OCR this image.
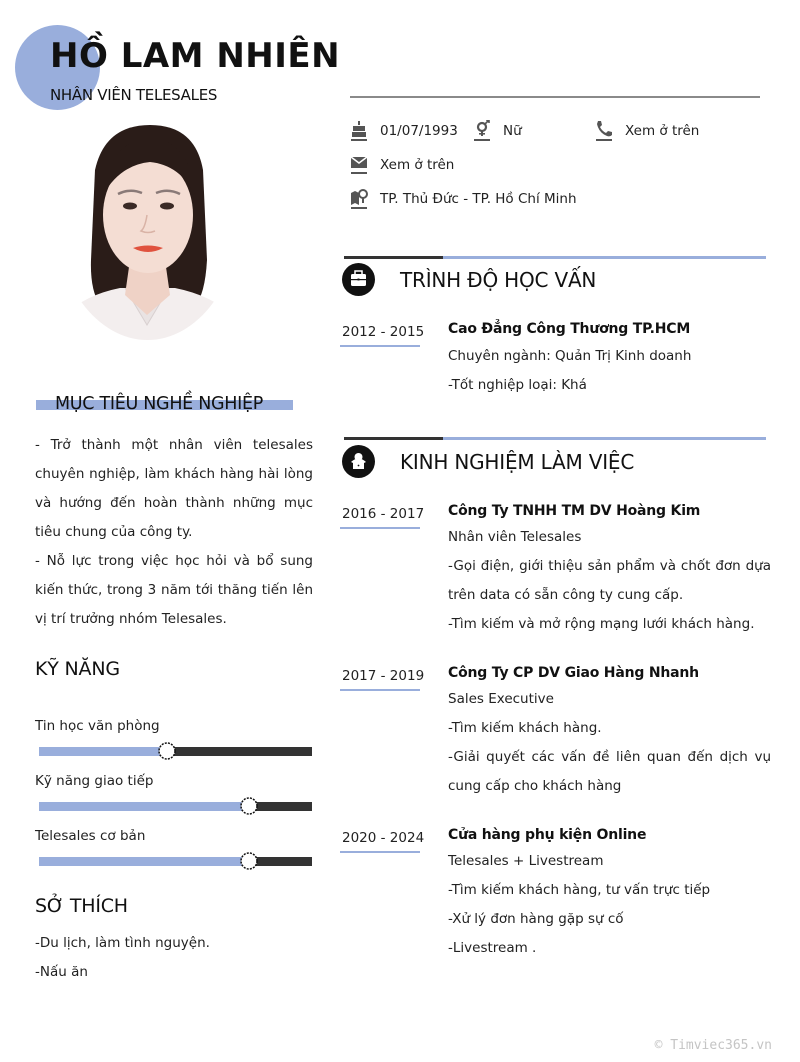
HỒ LAM NHIÊN
NHÂN VIÊN TELESALES
01/07/1993	Nữ	Xem ở trên
Xem ở trên
TP. Thủ Đức - TP. Hồ Chí Minh
MỤC TIÊU NGHỀ NGHIỆP

- Trở thành một nhân viên telesales chuyên nghiệp, làm khách hàng hài lòng và hướng đến hoàn thành những mục tiêu chung của công ty.

- Nỗ lực trong việc học hỏi và bổ sung kiến thức, trong 3 năm tới thăng tiến lên vị trí trưởng nhóm Telesales.

KỸ NĂNG
Tin học văn phòng
Kỹ năng giao tiếp
Telesales cơ bản
SỞ THÍCH
-Du lịch, làm tình nguyện.
-Nấu ăn
TRÌNH ĐỘ HỌC VẤN
2012 - 2015 Cao Đẳng Công Thương TP.HCM
Chuyên ngành: Quản Trị Kinh doanh
-Tốt nghiệp loại: Khá
KINH NGHIỆM LÀM VIỆC
2016 - 2017 Công Ty TNHH TM DV Hoàng Kim
Nhân viên Telesales
-Gọi điện, giới thiệu sản phẩm và chốt đơn dựa trên data có sẵn công ty cung cấp.
-Tìm kiếm và mở rộng mạng lưới khách hàng.
2017 - 2019 Công Ty CP DV Giao Hàng Nhanh
Sales Executive
-Tìm kiếm khách hàng.
-Giải quyết các vấn đề liên quan đến dịch vụ cung cấp cho khách hàng
2020 - 2024 Cửa hàng phụ kiện Online
Telesales + Livestream
-Tìm kiếm khách hàng, tư vấn trực tiếp
-Xử lý đơn hàng gặp sự cố
-Livestream .
© Timviec365.vn
